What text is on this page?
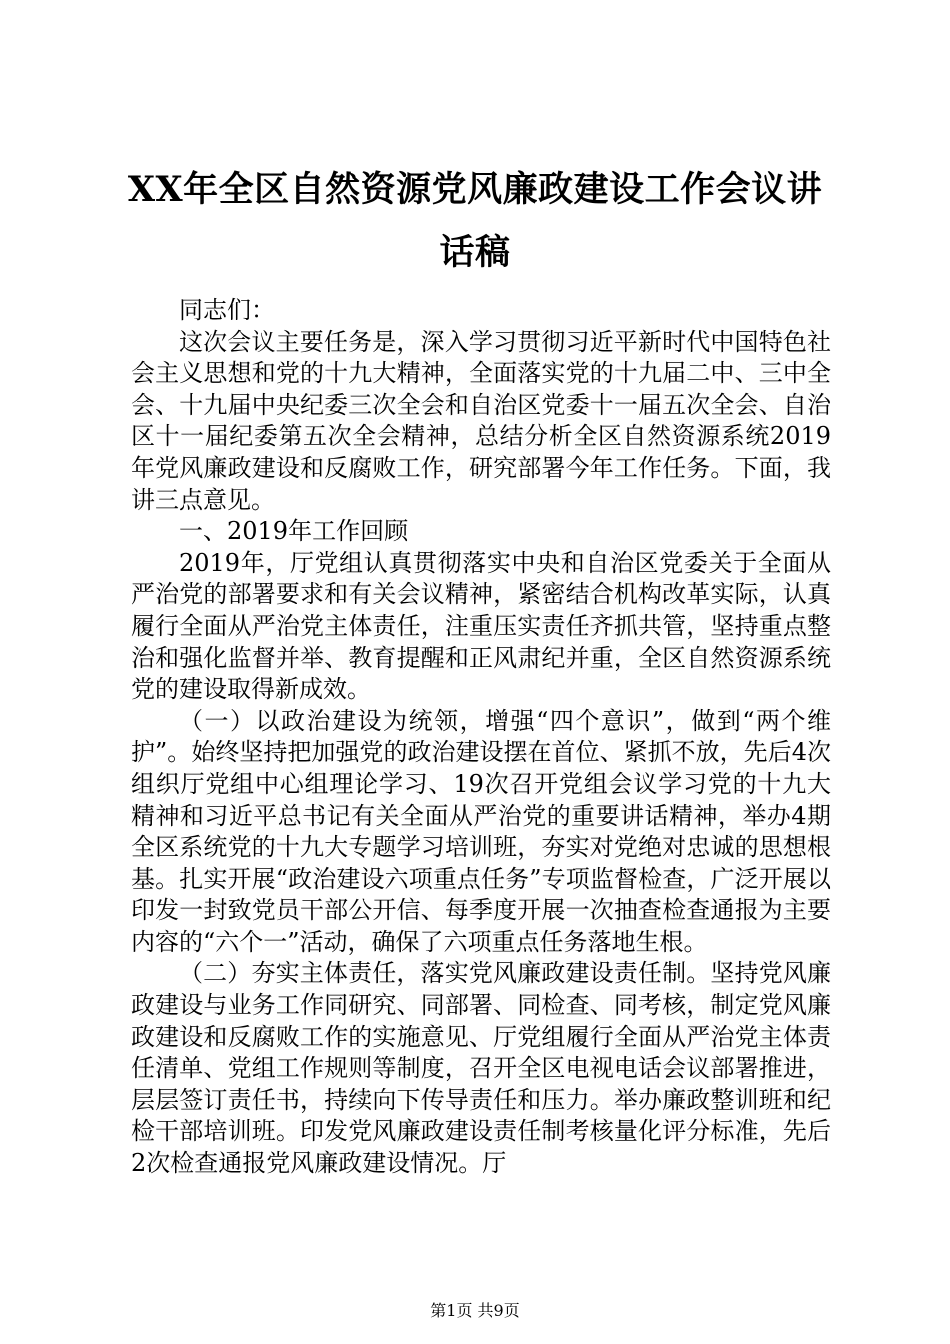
XX年全区自然资源党风廉政建设工作会议讲话稿

同志们：

这次会议主要任务是，深入学习贯彻习近平新时代中国特色社会主义思想和党的十九大精神，全面落实党的十九届二中、三中全会、十九届中央纪委三次全会和自治区党委十一届五次全会、自治区十一届纪委第五次全会精神，总结分析全区自然资源系统2019年党风廉政建设和反腐败工作，研究部署今年工作任务。下面，我讲三点意见。

一、2019年工作回顾

2019年，厅党组认真贯彻落实中央和自治区党委关于全面从严治党的部署要求和有关会议精神，紧密结合机构改革实际，认真履行全面从严治党主体责任，注重压实责任齐抓共管，坚持重点整治和强化监督并举、教育提醒和正风肃纪并重，全区自然资源系统党的建设取得新成效。

（一）以政治建设为统领，增强“四个意识”，做到“两个维护”。始终坚持把加强党的政治建设摆在首位、紧抓不放，先后4次组织厅党组中心组理论学习、19次召开党组会议学习党的十九大精神和习近平总书记有关全面从严治党的重要讲话精神，举办4期全区系统党的十九大专题学习培训班，夯实对党绝对忠诚的思想根基。扎实开展“政治建设六项重点任务”专项监督检查，广泛开展以印发一封致党员干部公开信、每季度开展一次抽查检查通报为主要内容的“六个一”活动，确保了六项重点任务落地生根。

（二）夯实主体责任，落实党风廉政建设责任制。坚持党风廉政建设与业务工作同研究、同部署、同检查、同考核，制定党风廉政建设和反腐败工作的实施意见、厅党组履行全面从严治党主体责任清单、党组工作规则等制度，召开全区电视电话会议部署推进，层层签订责任书，持续向下传导责任和压力。举办廉政整训班和纪检干部培训班。印发党风廉政建设责任制考核量化评分标准，先后2次检查通报党风廉政建设情况。厅

第1页 共9页
